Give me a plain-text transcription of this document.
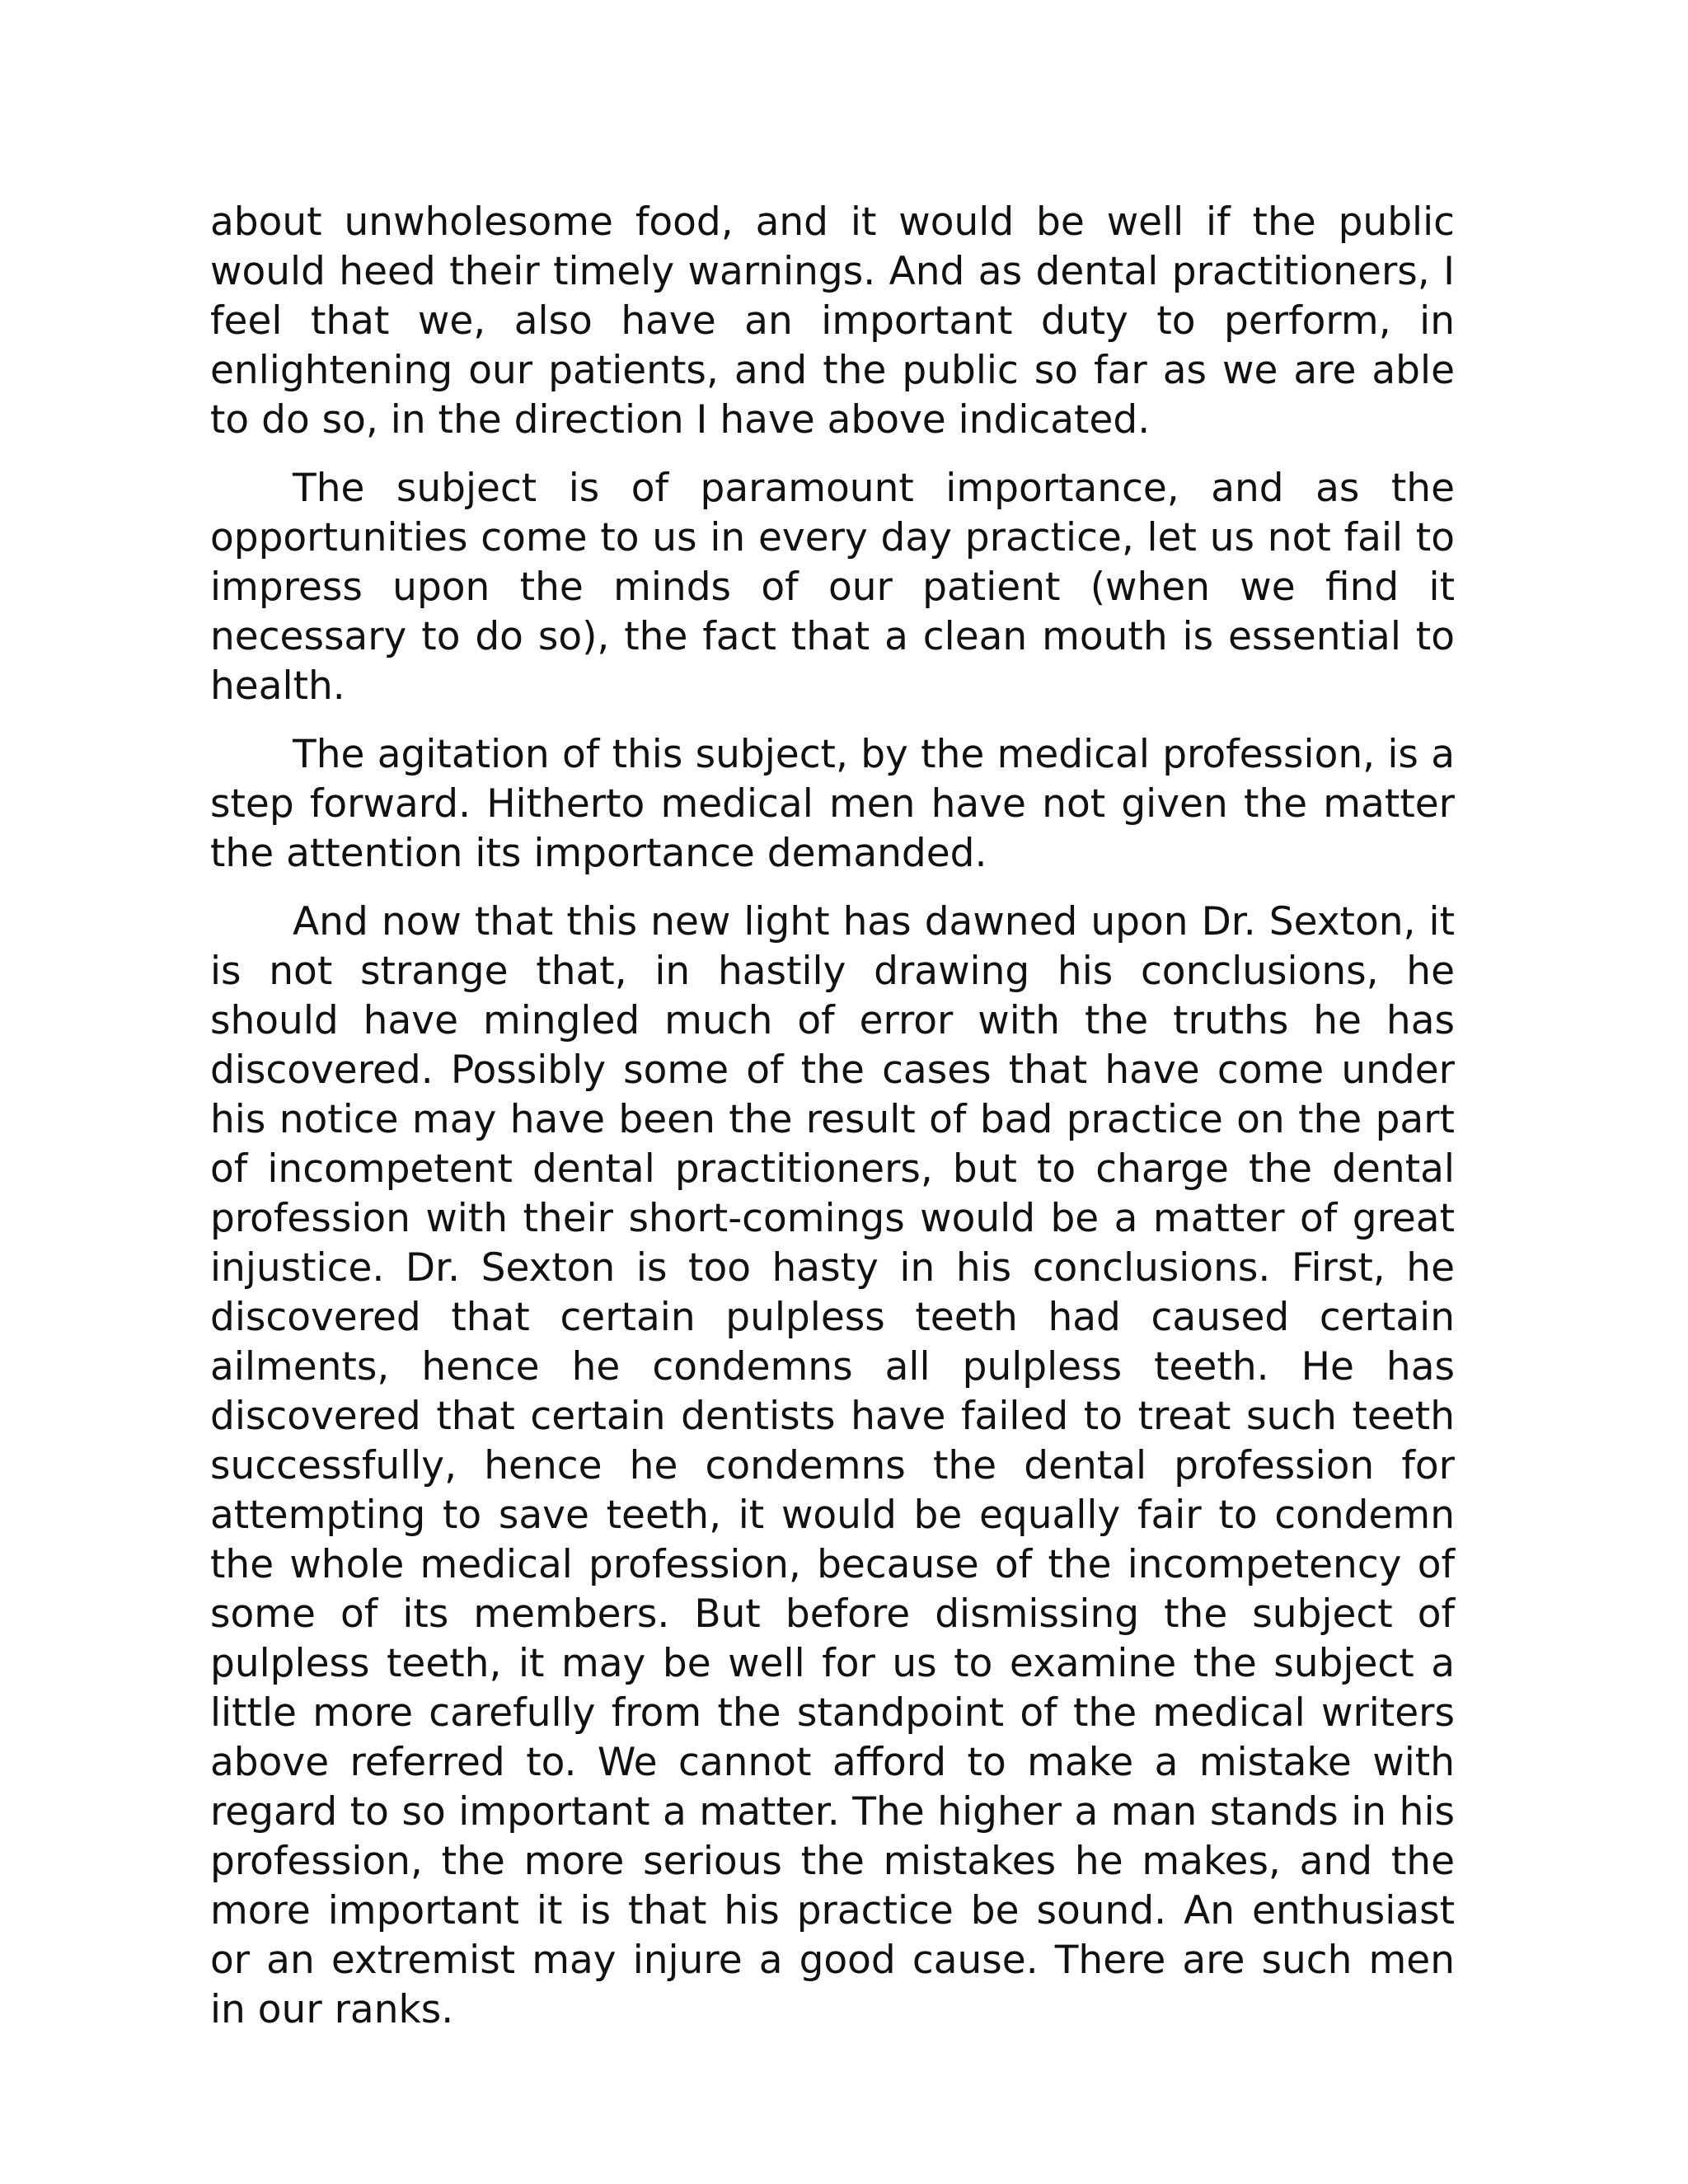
about unwholesome food, and it would be well if the public would heed their timely warnings. And as dental practitioners, I feel that we, also have an important duty to perform, in enlightening our patients, and the public so far as we are able to do so, in the direction I have above indicated.

The subject is of paramount importance, and as the opportunities come to us in every day practice, let us not fail to impress upon the minds of our patient (when we find it necessary to do so), the fact that a clean mouth is essential to health.

The agitation of this subject, by the medical profession, is a step forward. Hitherto medical men have not given the matter the attention its importance demanded.

And now that this new light has dawned upon Dr. Sexton, it is not strange that, in hastily drawing his conclusions, he should have mingled much of error with the truths he has discovered. Possibly some of the cases that have come under his notice may have been the result of bad practice on the part of incompetent dental practitioners, but to charge the dental profession with their short-comings would be a matter of great injustice. Dr. Sexton is too hasty in his conclusions. First, he discovered that certain pulpless teeth had caused certain ailments, hence he condemns all pulpless teeth. He has discovered that certain dentists have failed to treat such teeth successfully, hence he condemns the dental profession for attempting to save teeth, it would be equally fair to condemn the whole medical profession, because of the incompetency of some of its members. But before dismissing the subject of pulpless teeth, it may be well for us to examine the subject a little more carefully from the standpoint of the medical writers above referred to. We cannot afford to make a mistake with regard to so important a matter. The higher a man stands in his profession, the more serious the mistakes he makes, and the more important it is that his practice be sound. An enthusiast or an extremist may injure a good cause. There are such men in our ranks.
